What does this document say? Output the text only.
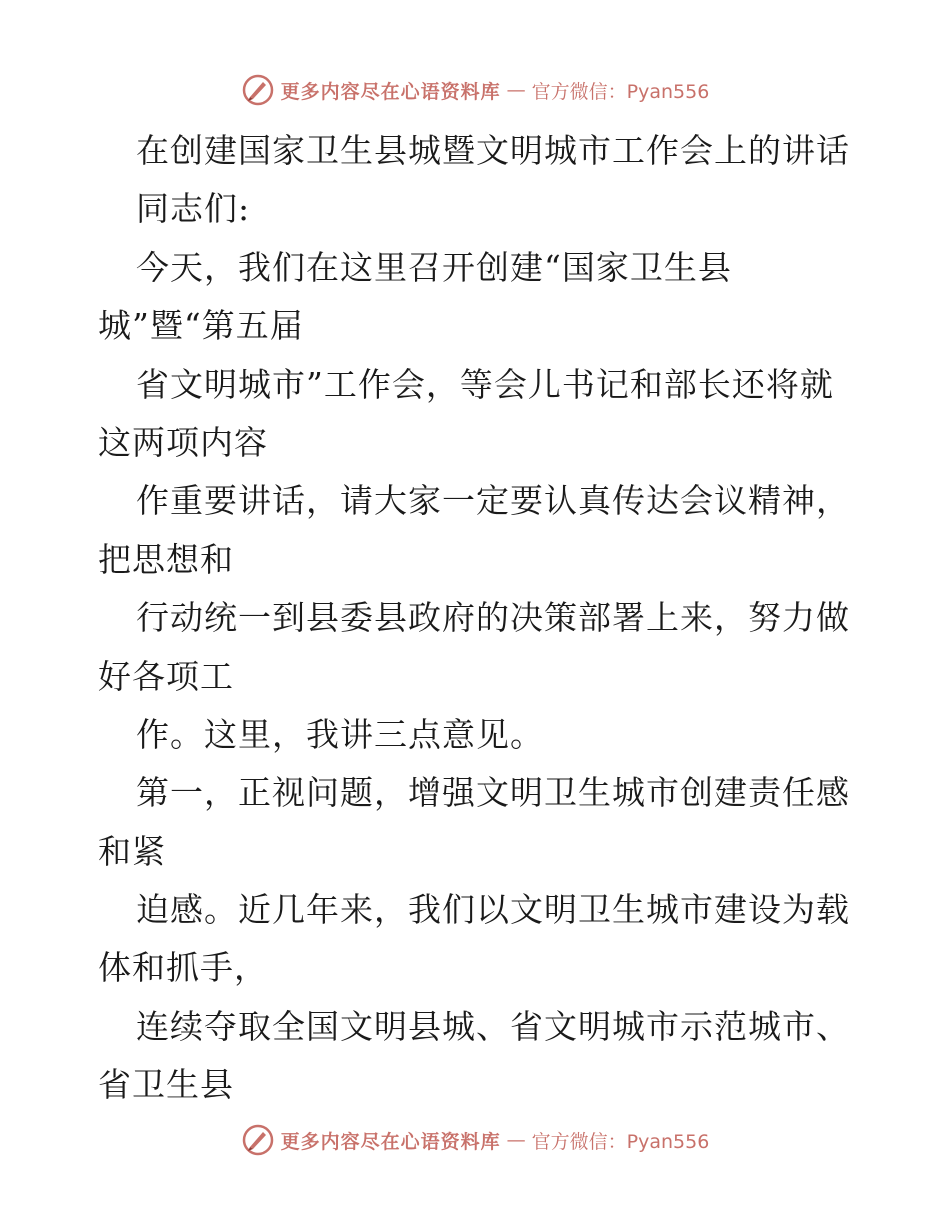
更多内容尽在心语资料库 — 官方微信：Pyan556
在创建国家卫生县城暨文明城市工作会上的讲话
同志们:
今天，我们在这里召开创建“国家卫生县
城”暨“第五届
省文明城市”工作会，等会儿书记和部长还将就
这两项内容
作重要讲话，请大家一定要认真传达会议精神，
把思想和
行动统一到县委县政府的决策部署上来，努力做
好各项工
作。这里，我讲三点意见。
第一，正视问题，增强文明卫生城市创建责任感
和紧
迫感。近几年来，我们以文明卫生城市建设为载
体和抓手，
连续夺取全国文明县城、省文明城市示范城市、
省卫生县
更多内容尽在心语资料库 — 官方微信：Pyan556
